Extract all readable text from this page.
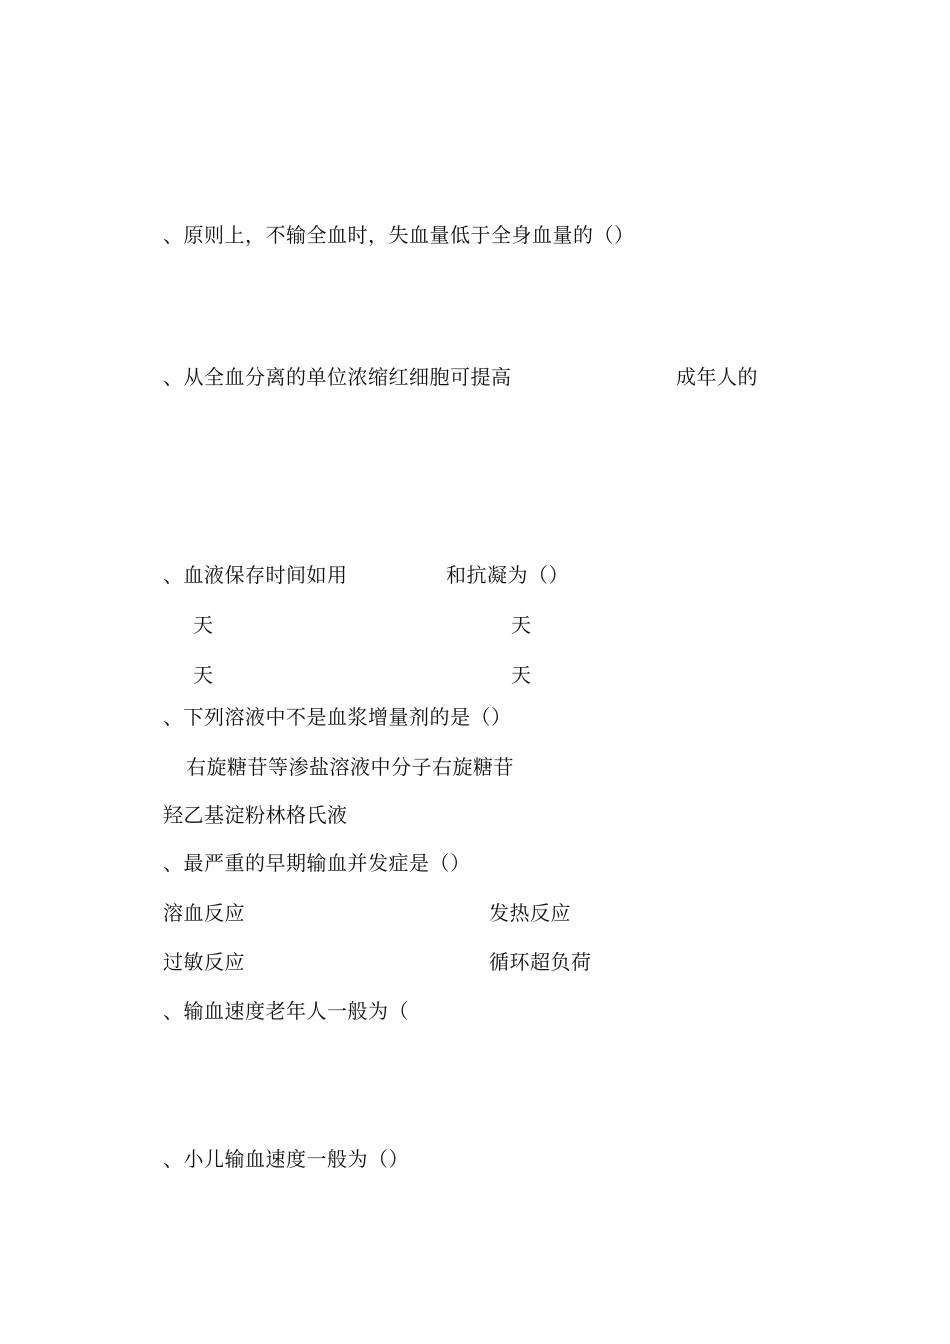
、原则上，不输全血时，失血量低于全身血量的（）
、从全血分离的单位浓缩红细胞可提高	成年人的
、血液保存时间如用	和抗凝为（）
天	天
天	天
、下列溶液中不是血浆增量剂的是（）
右旋糖苷等渗盐溶液中分子右旋糖苷
羟乙基淀粉林格氏液
、最严重的早期输血并发症是（）
溶血反应	发热反应
过敏反应	循环超负荷
、输血速度老年人一般为（
、小儿输血速度一般为（）
